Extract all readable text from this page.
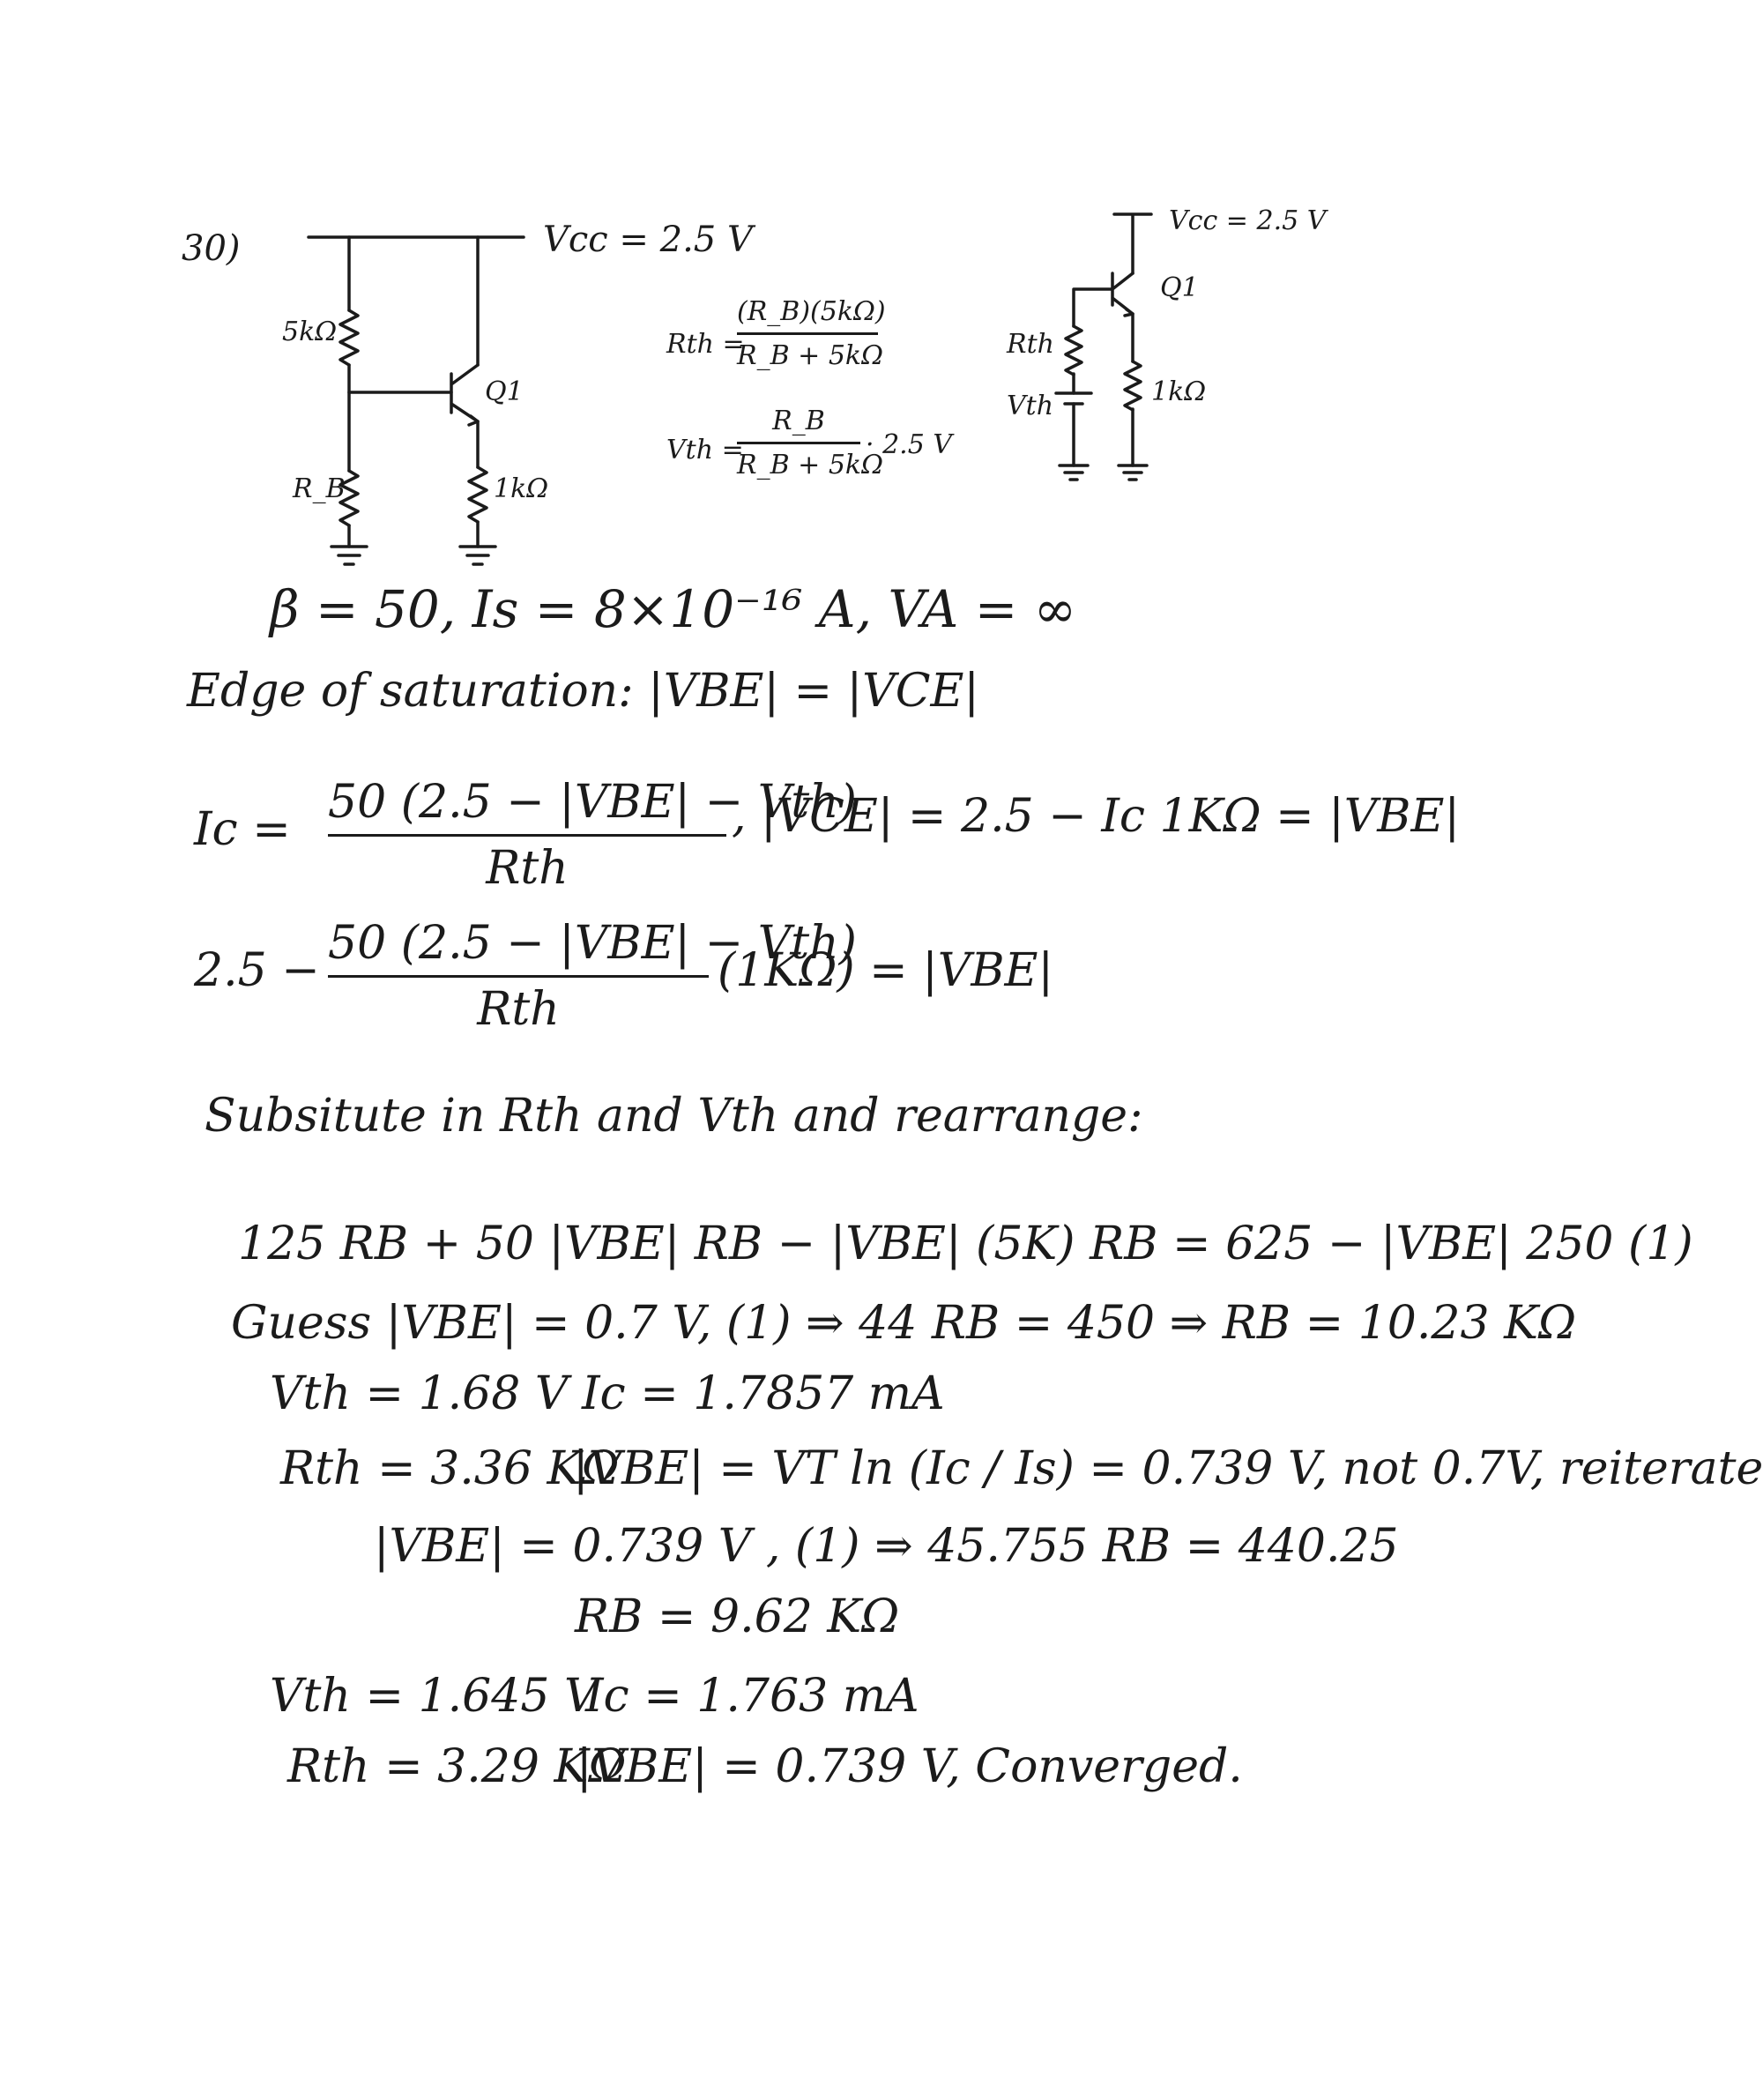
30)	Vcc = 2.5 V
5kΩ
R_B	1kΩ
Q1
Rth =
(R_B)(5kΩ)
R_B + 5kΩ
Vth =
R_B
R_B + 5kΩ
· 2.5 V
Vcc = 2.5 V
Q1
Rth
Vth	1kΩ
β = 50, Is = 8×10⁻¹⁶ A, VA = ∞
Edge of saturation: |VBE| = |VCE|
Ic =
50 (2.5 − |VBE| − Vth)
Rth
, |VCE| = 2.5 − Ic 1KΩ = |VBE|
2.5 −
50 (2.5 − |VBE| − Vth)
Rth
(1KΩ) = |VBE|
Subsitute in Rth and Vth and rearrange:
125 RB + 50 |VBE| RB − |VBE| (5K) RB = 625 − |VBE| 250 (1)
Guess |VBE| = 0.7 V, (1) ⇒ 44 RB = 450 ⇒ RB = 10.23 KΩ
Vth = 1.68 V Ic = 1.7857 mA
Rth = 3.36 KΩ
|VBE| = VT ln (Ic / Is) = 0.739 V, not 0.7V, reiterate
|VBE| = 0.739 V , (1) ⇒ 45.755 RB = 440.25
RB = 9.62 KΩ
Vth = 1.645 V
Ic = 1.763 mA
Rth = 3.29 KΩ
|VBE| = 0.739 V, Converged.
